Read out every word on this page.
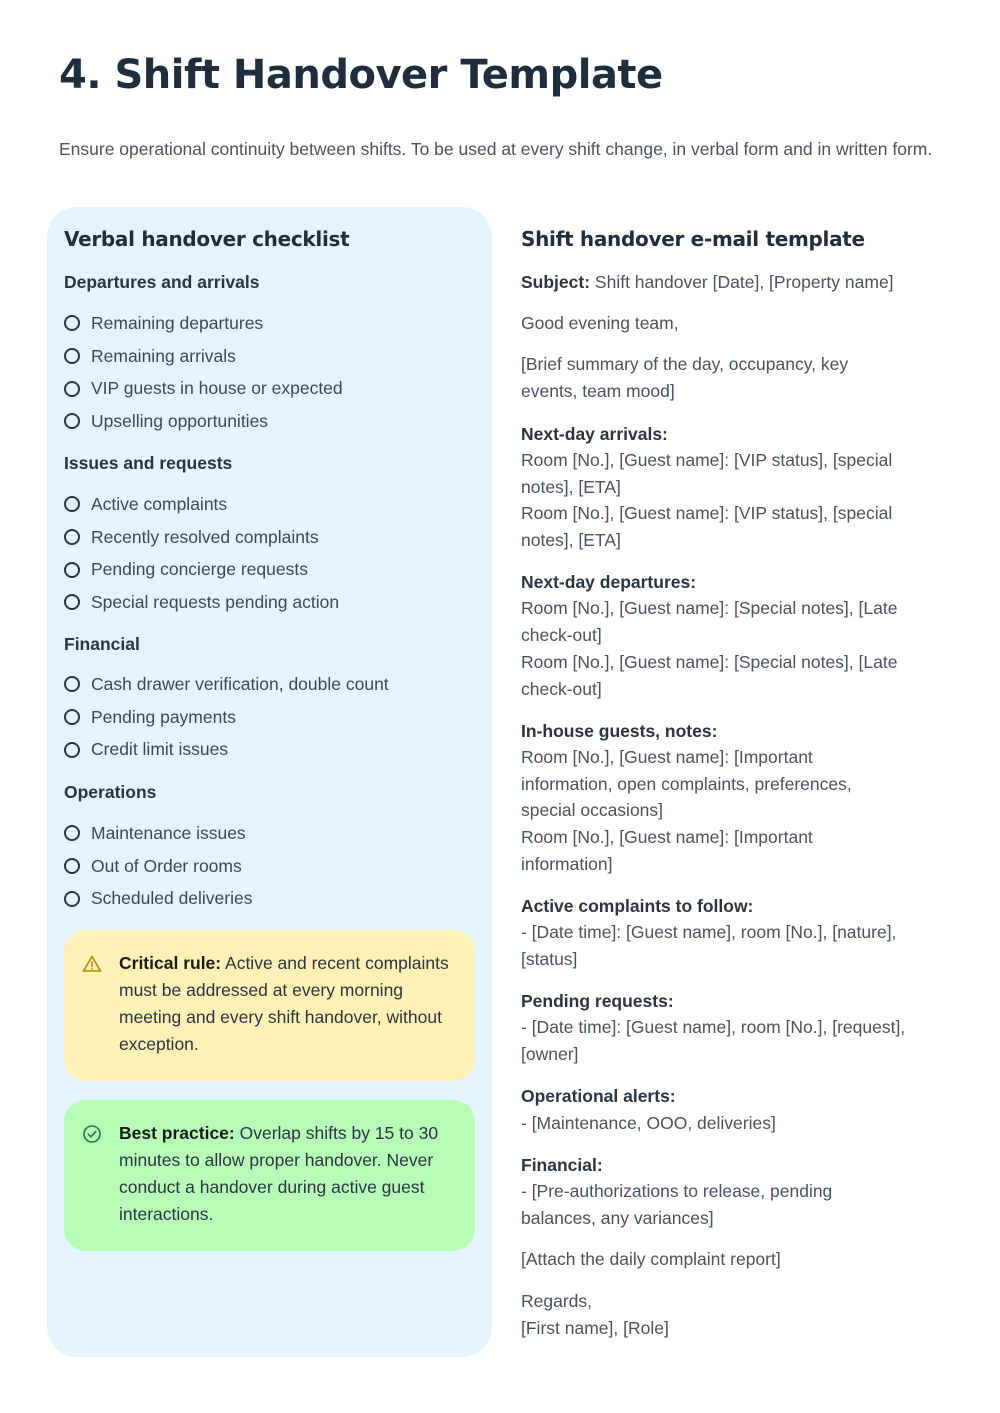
4. Shift Handover Template

Ensure operational continuity between shifts. To be used at every shift change, in verbal form and in written form.

Verbal handover checklist
Departures and arrivals
Remaining departures
Remaining arrivals
VIP guests in house or expected
Upselling opportunities
Issues and requests
Active complaints
Recently resolved complaints
Pending concierge requests
Special requests pending action
Financial
Cash drawer verification, double count
Pending payments
Credit limit issues
Operations
Maintenance issues
Out of Order rooms
Scheduled deliveries
Critical rule: Active and recent complaints must be addressed at every morning meeting and every shift handover, without exception.
Best practice: Overlap shifts by 15 to 30 minutes to allow proper handover. Never conduct a handover during active guest interactions.
Shift handover e-mail template
Subject: Shift handover [Date], [Property name]
Good evening team,
[Brief summary of the day, occupancy, key events, team mood]
Next-day arrivals:
Room [No.], [Guest name]: [VIP status], [special notes], [ETA]
Room [No.], [Guest name]: [VIP status], [special notes], [ETA]
Next-day departures:
Room [No.], [Guest name]: [Special notes], [Late check-out]
Room [No.], [Guest name]: [Special notes], [Late check-out]
In-house guests, notes:
Room [No.], [Guest name]: [Important information, open complaints, preferences, special occasions]
Room [No.], [Guest name]: [Important information]
Active complaints to follow:
- [Date time]: [Guest name], room [No.], [nature], [status]
Pending requests:
- [Date time]: [Guest name], room [No.], [request], [owner]
Operational alerts:
- [Maintenance, OOO, deliveries]
Financial:
- [Pre-authorizations to release, pending balances, any variances]
[Attach the daily complaint report]
Regards,
[First name], [Role]
